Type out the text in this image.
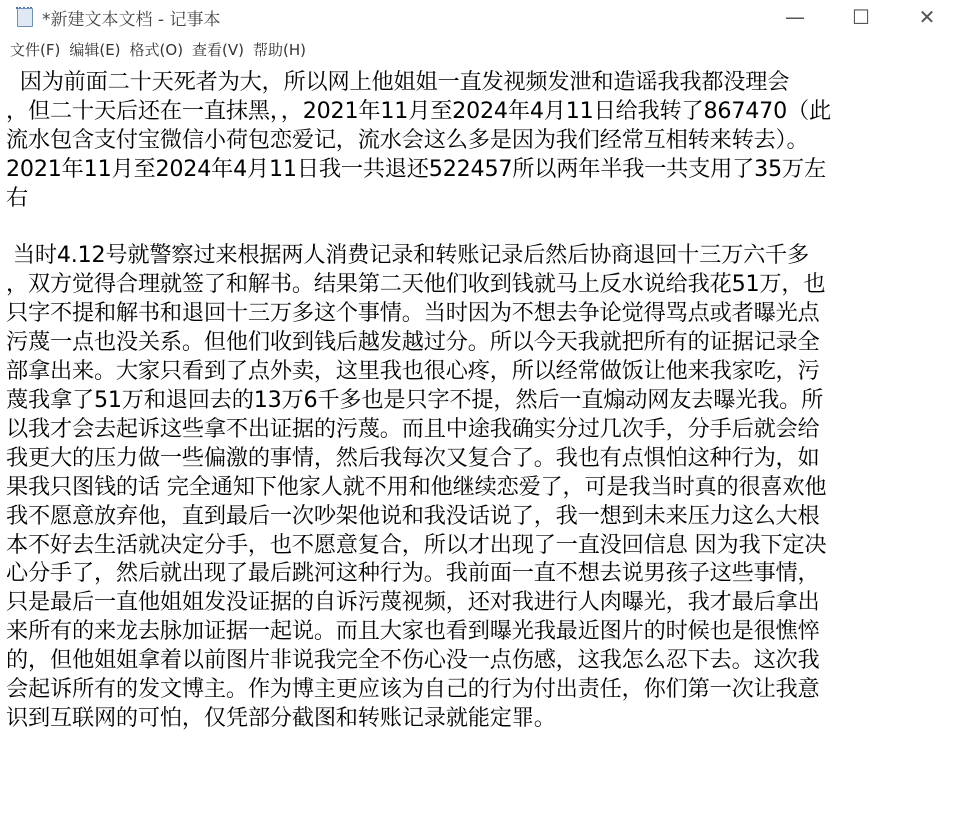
*新建文本文档 - 记事本	—	☐	✕
文件(F) 编辑(E) 格式(O) 查看(V) 帮助(H)
因为前面二十天死者为大，所以网上他姐姐一直发视频发泄和造谣我我都没理会
，但二十天后还在一直抹黑，，2021年11月至2024年4月11日给我转了867470（此
流水包含支付宝微信小荷包恋爱记，流水会这么多是因为我们经常互相转来转去）。
2021年11月至2024年4月11日我一共退还522457所以两年半我一共支用了35万左
右

当时4.12号就警察过来根据两人消费记录和转账记录后然后协商退回十三万六千多
，双方觉得合理就签了和解书。结果第二天他们收到钱就马上反水说给我花51万，也
只字不提和解书和退回十三万多这个事情。当时因为不想去争论觉得骂点或者曝光点
污蔑一点也没关系。但他们收到钱后越发越过分。所以今天我就把所有的证据记录全
部拿出来。大家只看到了点外卖，这里我也很心疼，所以经常做饭让他来我家吃，污
蔑我拿了51万和退回去的13万6千多也是只字不提，然后一直煽动网友去曝光我。所
以我才会去起诉这些拿不出证据的污蔑。而且中途我确实分过几次手，分手后就会给
我更大的压力做一些偏激的事情，然后我每次又复合了。我也有点惧怕这种行为，如
果我只图钱的话 完全通知下他家人就不用和他继续恋爱了，可是我当时真的很喜欢他
我不愿意放弃他，直到最后一次吵架他说和我没话说了，我一想到未来压力这么大根
本不好去生活就决定分手，也不愿意复合，所以才出现了一直没回信息 因为我下定决
心分手了，然后就出现了最后跳河这种行为。我前面一直不想去说男孩子这些事情，
只是最后一直他姐姐发没证据的自诉污蔑视频，还对我进行人肉曝光，我才最后拿出
来所有的来龙去脉加证据一起说。而且大家也看到曝光我最近图片的时候也是很憔悴
的，但他姐姐拿着以前图片非说我完全不伤心没一点伤感，这我怎么忍下去。这次我
会起诉所有的发文博主。作为博主更应该为自己的行为付出责任，你们第一次让我意
识到互联网的可怕，仅凭部分截图和转账记录就能定罪。
